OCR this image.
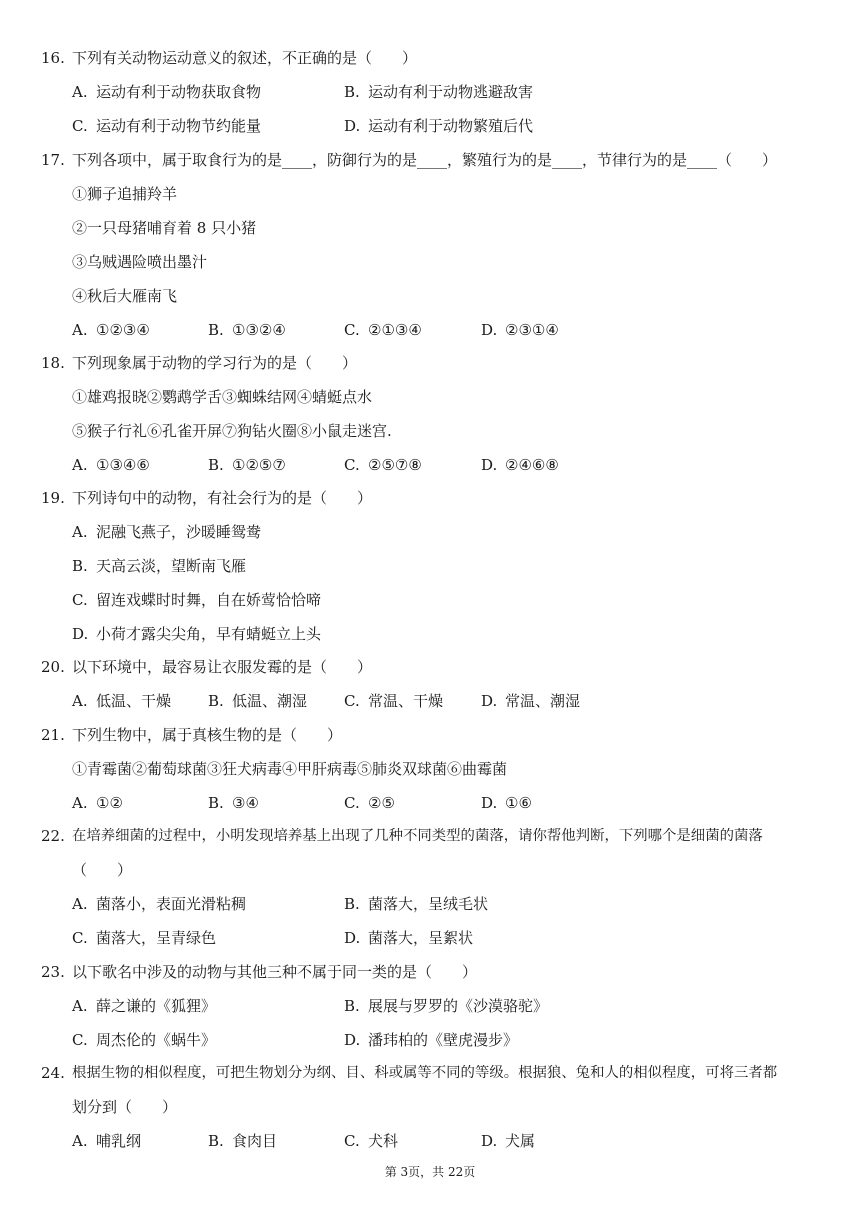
16. 下列有关动物运动意义的叙述，不正确的是（　　）
A. 运动有利于动物获取食物	B. 运动有利于动物逃避敌害
C. 运动有利于动物节约能量	D. 运动有利于动物繁殖后代
17. 下列各项中，属于取食行为的是____，防御行为的是____，繁殖行为的是____，节律行为的是____（　　）
①狮子追捕羚羊
②一只母猪哺育着 8 只小猪
③乌贼遇险喷出墨汁
④秋后大雁南飞
A. ①②③④	B. ①③②④	C. ②①③④	D. ②③①④
18. 下列现象属于动物的学习行为的是（　　）
①雄鸡报晓②鹦鹉学舌③蜘蛛结网④蜻蜓点水
⑤猴子行礼⑥孔雀开屏⑦狗钻火圈⑧小鼠走迷宫.
A. ①③④⑥	B. ①②⑤⑦	C. ②⑤⑦⑧	D. ②④⑥⑧
19. 下列诗句中的动物，有社会行为的是（　　）
A. 泥融飞燕子，沙暖睡鸳鸯
B. 天高云淡，望断南飞雁
C. 留连戏蝶时时舞，自在娇莺恰恰啼
D. 小荷才露尖尖角，早有蜻蜓立上头
20. 以下环境中，最容易让衣服发霉的是（　　）
A. 低温、干燥 B. 低温、潮湿 C. 常温、干燥	D. 常温、潮湿
21. 下列生物中，属于真核生物的是（　　）
①青霉菌②葡萄球菌③狂犬病毒④甲肝病毒⑤肺炎双球菌⑥曲霉菌
A. ①②	B. ③④	C. ②⑤	D. ①⑥
22. 在培养细菌的过程中，小明发现培养基上出现了几种不同类型的菌落，请你帮他判断，下列哪个是细菌的菌落
（　　）
A. 菌落小，表面光滑粘稠	B. 菌落大，呈绒毛状
C. 菌落大，呈青绿色	D. 菌落大，呈絮状
23. 以下歌名中涉及的动物与其他三种不属于同一类的是（　　）
A. 薛之谦的《狐狸》	B. 展展与罗罗的《沙漠骆驼》
C. 周杰伦的《蜗牛》	D. 潘玮柏的《壁虎漫步》
24. 根据生物的相似程度，可把生物划分为纲、目、科或属等不同的等级。根据狼、兔和人的相似程度，可将三者都
划分到（　　）
A. 哺乳纲	B. 食肉目	C. 犬科	D. 犬属
第 3页，共 22页
